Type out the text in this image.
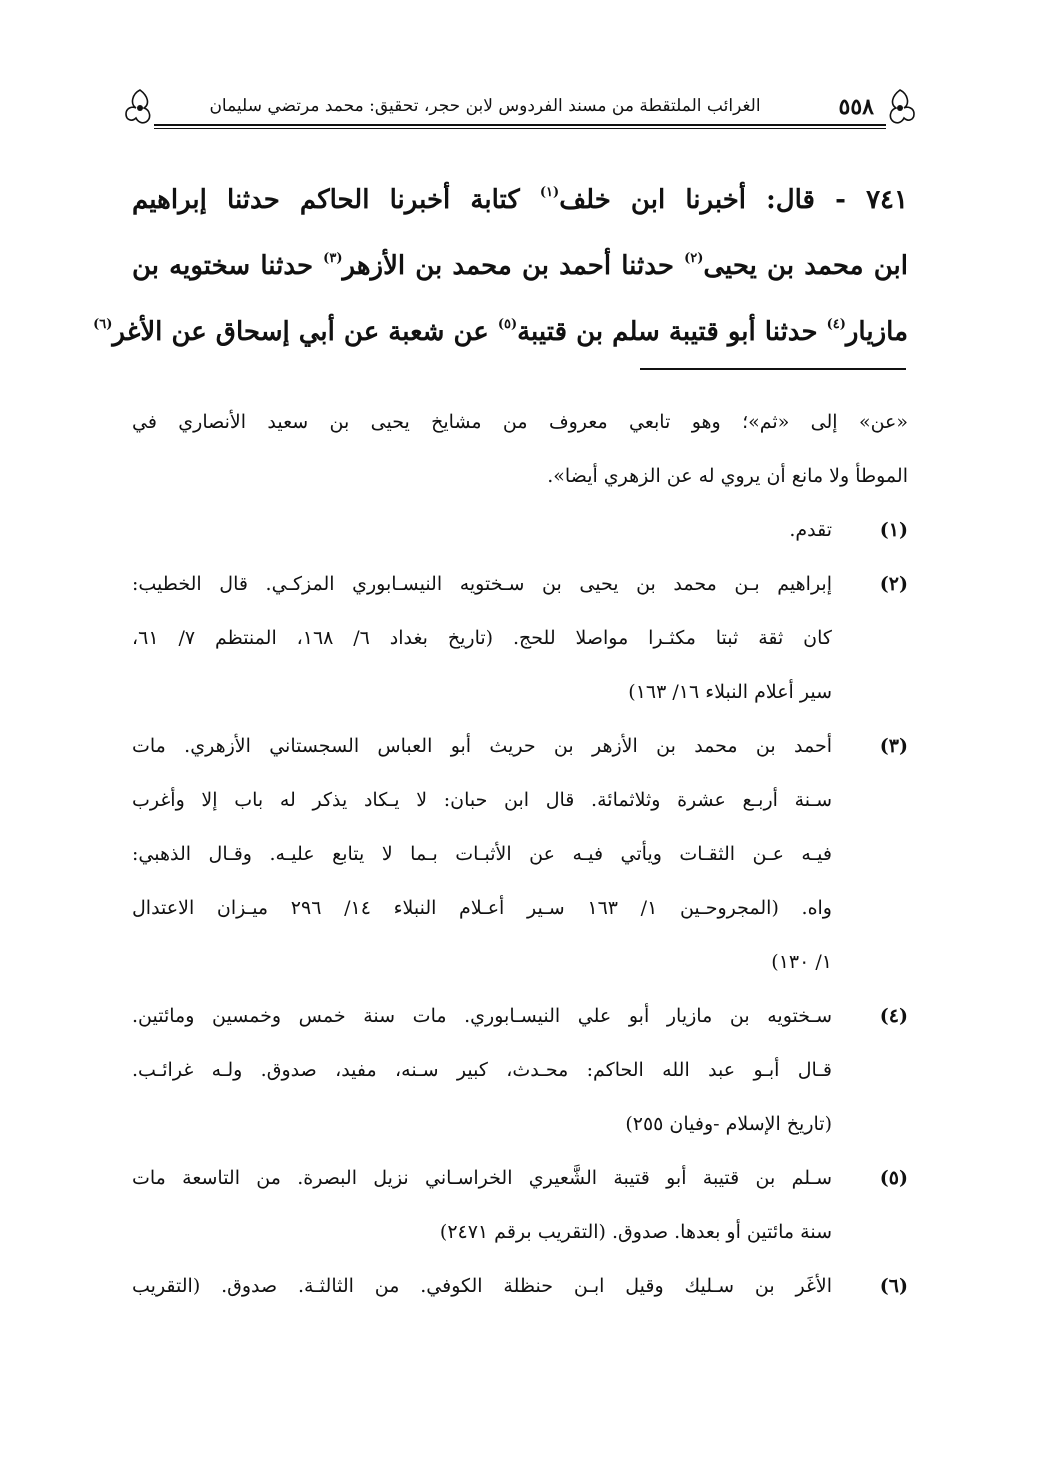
٥٥٨
الغرائب الملتقطة من مسند الفردوس لابن حجر، تحقيق: محمد مرتضي سليمان
٧٤١ - قال: أخبرنا ابن خلف$^{(١)}$ كتابة أخبرنا الحاكم حدثنا إبراهيم
ابن محمد بن يحيى$^{(٢)}$ حدثنا أحمد بن محمد بن الأزهر$^{(٣)}$ حدثنا سختويه بن
مازيار$^{(٤)}$ حدثنا أبو قتيبة سلم بن قتيبة$^{(٥)}$ عن شعبة عن أبي إسحاق عن الأغر$^{(٦)}$
«عن» إلى «ثم»؛ وهو تابعي معروف من مشايخ يحيى بن سعيد الأنصاري في
الموطأ ولا مانع أن يروي له عن الزهري أيضا».
(١)
تقدم.
(٢)
إبراهيم بـن محمد بن يحيى بن سـختويه النيسـابوري المزكـي. قال الخطيب:
كان ثقة ثبتا مكثـرا مواصلا للحج. (تاريخ بغداد ٦/ ١٦٨، المنتظم ٧/ ٦١،
سير أعلام النبلاء ١٦/ ١٦٣)
(٣)
أحمد بن محمد بن الأزهر بن حريث أبو العباس السجستاني الأزهري. مات
سـنة أربـع عشرة وثلاثمائة. قال ابن حبان: لا يـكاد يذكر له باب إلا وأغرب
فيـه عـن الثقـات ويأتي فيـه عن الأثبـات بـما لا يتابع عليـه. وقـال الذهبي:
واه. (المجروحـين ١/ ١٦٣ سـير أعـلام النبلاء ١٤/ ٢٩٦ ميـزان الاعتدال
١/ ١٣٠)
(٤)
سـختويه بن مازيار أبو علي النيسـابوري. مات سنة خمس وخمسين ومائتين.
قـال أبـو عبد الله الحاكم: محـدث، كبير سـنه، مفيد، صدوق. ولـه غرائـب.
(تاريخ الإسلام -وفيان ٢٥٥)
(٥)
سـلم بن قتيبة أبو قتيبة الشَّعيري الخراسـاني نزيل البصرة. من التاسعة مات
سنة مائتين أو بعدها. صدوق. (التقريب برقم ٢٤٧١)
(٦)
الأغَر بن سـليك وقيل ابـن حنظلة الكوفي. من الثالثـة. صدوق. (التقريب
